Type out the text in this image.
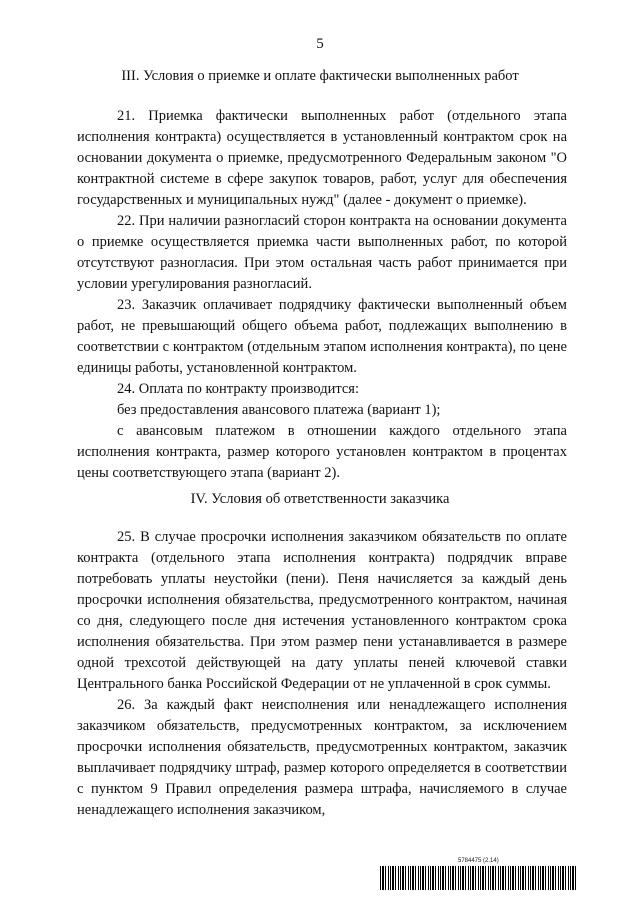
5
III. Условия о приемке и оплате фактически выполненных работ

21. Приемка фактически выполненных работ (отдельного этапа исполнения контракта) осуществляется в установленный контрактом срок на основании документа о приемке, предусмотренного Федеральным законом "О контрактной системе в сфере закупок товаров, работ, услуг для обеспечения государственных и муниципальных нужд" (далее - документ о приемке).

22. При наличии разногласий сторон контракта на основании документа о приемке осуществляется приемка части выполненных работ, по которой отсутствуют разногласия. При этом остальная часть работ принимается при условии урегулирования разногласий.

23. Заказчик оплачивает подрядчику фактически выполненный объем работ, не превышающий общего объема работ, подлежащих выполнению в соответствии с контрактом (отдельным этапом исполнения контракта), по цене единицы работы, установленной контрактом.

24. Оплата по контракту производится:

без предоставления авансового платежа (вариант 1);

с авансовым платежом в отношении каждого отдельного этапа исполнения контракта, размер которого установлен контрактом в процентах цены соответствующего этапа (вариант 2).

IV. Условия об ответственности заказчика

25. В случае просрочки исполнения заказчиком обязательств по оплате контракта (отдельного этапа исполнения контракта) подрядчик вправе потребовать уплаты неустойки (пени). Пеня начисляется за каждый день просрочки исполнения обязательства, предусмотренного контрактом, начиная со дня, следующего после дня истечения установленного контрактом срока исполнения обязательства. При этом размер пени устанавливается в размере одной трехсотой действующей на дату уплаты пеней ключевой ставки Центрального банка Российской Федерации от не уплаченной в срок суммы.

26. За каждый факт неисполнения или ненадлежащего исполнения заказчиком обязательств, предусмотренных контрактом, за исключением просрочки исполнения обязательств, предусмотренных контрактом, заказчик выплачивает подрядчику штраф, размер которого определяется в соответствии с пунктом 9 Правил определения размера штрафа, начисляемого в случае ненадлежащего исполнения заказчиком,

5784475 (2.14)
